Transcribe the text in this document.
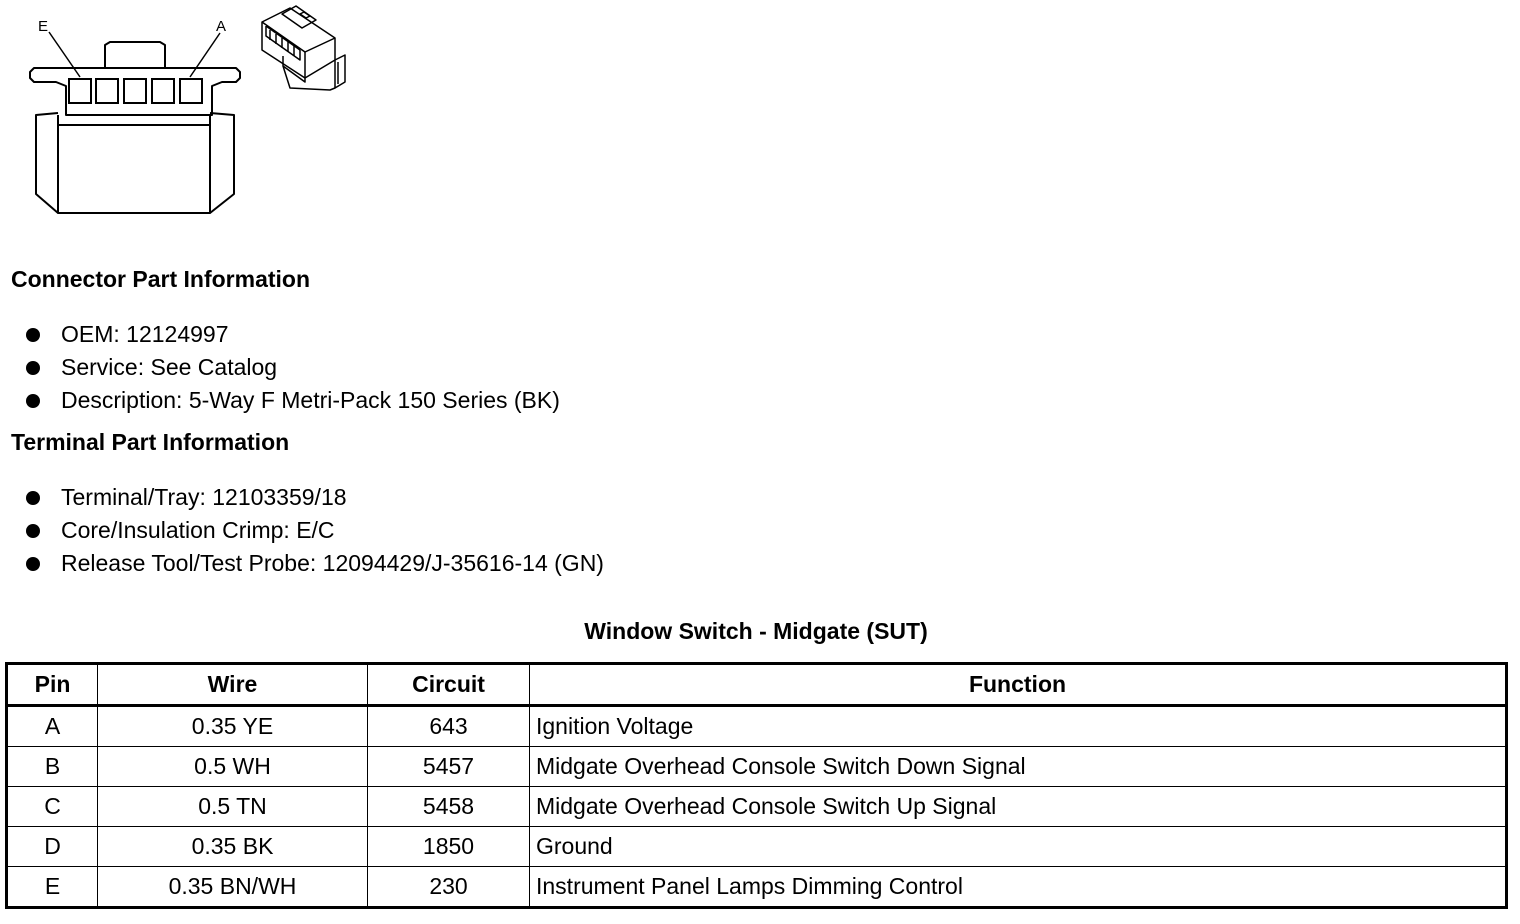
E	A
Connector Part Information
OEM: 12124997
Service: See Catalog
Description: 5-Way F Metri-Pack 150 Series (BK)
Terminal Part Information
Terminal/Tray: 12103359/18
Core/Insulation Crimp: E/C
Release Tool/Test Probe: 12094429/J-35616-14 (GN)
Window Switch - Midgate (SUT)
Pin	Wire	Circuit	Function
A	0.35 YE	643	Ignition Voltage
B	0.5 WH	5457	Midgate Overhead Console Switch Down Signal
C	0.5 TN	5458	Midgate Overhead Console Switch Up Signal
D	0.35 BK	1850	Ground
E	0.35 BN/WH	230	Instrument Panel Lamps Dimming Control
